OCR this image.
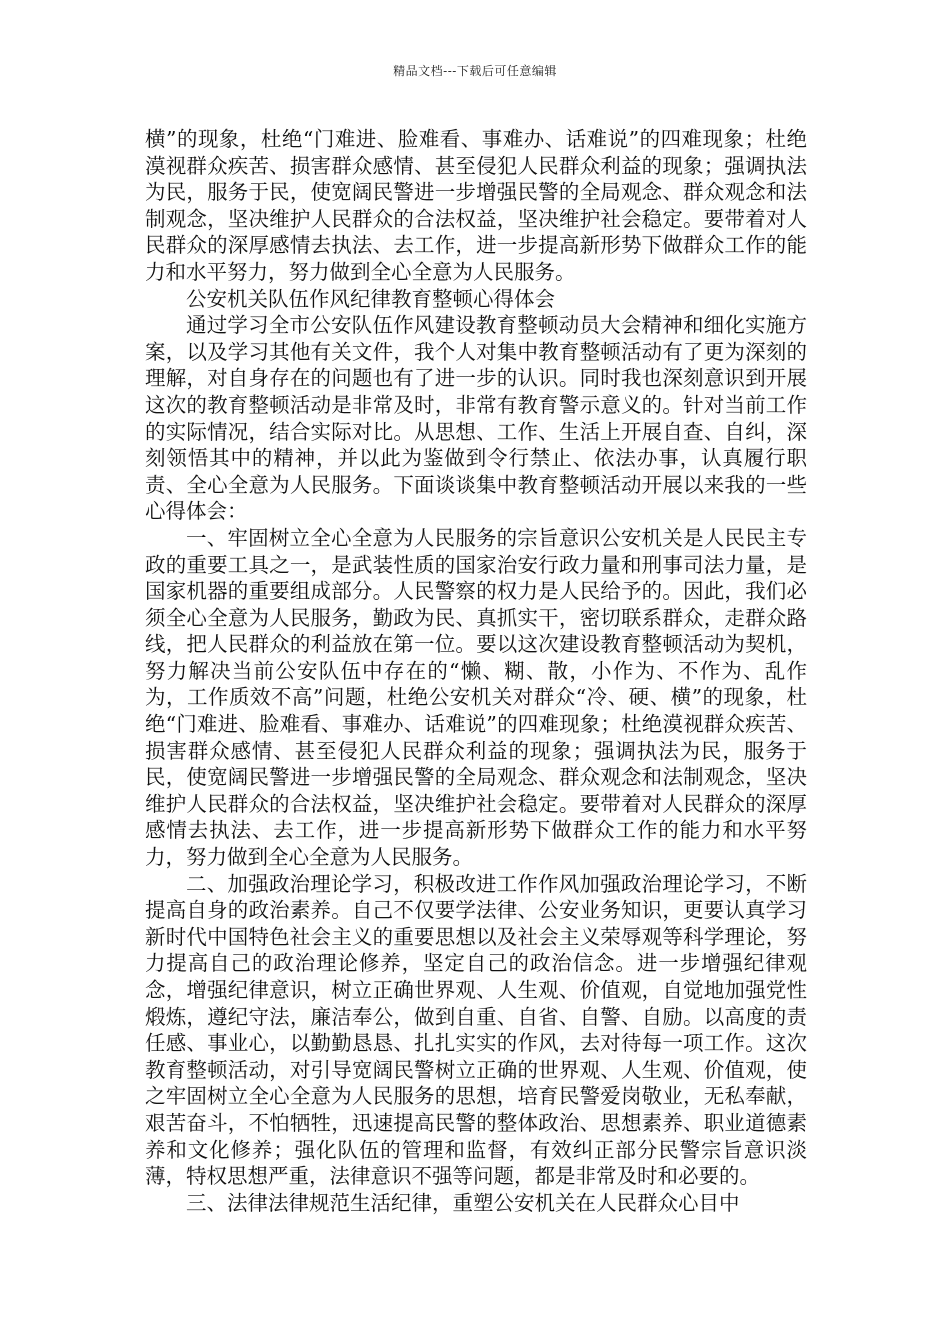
精品文档---下载后可任意编辑

横”的现象，杜绝“门难进、脸难看、事难办、话难说”的四难现象；杜绝漠视群众疾苦、损害群众感情、甚至侵犯人民群众利益的现象；强调执法为民，服务于民，使宽阔民警进一步增强民警的全局观念、群众观念和法制观念，坚决维护人民群众的合法权益，坚决维护社会稳定。要带着对人民群众的深厚感情去执法、去工作，进一步提高新形势下做群众工作的能力和水平努力，努力做到全心全意为人民服务。

公安机关队伍作风纪律教育整顿心得体会

通过学习全市公安队伍作风建设教育整顿动员大会精神和细化实施方案，以及学习其他有关文件，我个人对集中教育整顿活动有了更为深刻的理解，对自身存在的问题也有了进一步的认识。同时我也深刻意识到开展这次的教育整顿活动是非常及时，非常有教育警示意义的。针对当前工作的实际情况，结合实际对比。从思想、工作、生活上开展自查、自纠，深刻领悟其中的精神，并以此为鉴做到令行禁止、依法办事，认真履行职责、全心全意为人民服务。下面谈谈集中教育整顿活动开展以来我的一些心得体会：

一、牢固树立全心全意为人民服务的宗旨意识公安机关是人民民主专政的重要工具之一，是武装性质的国家治安行政力量和刑事司法力量，是国家机器的重要组成部分。人民警察的权力是人民给予的。因此，我们必须全心全意为人民服务，勤政为民、真抓实干，密切联系群众，走群众路线，把人民群众的利益放在第一位。要以这次建设教育整顿活动为契机，努力解决当前公安队伍中存在的“懒、糊、散，小作为、不作为、乱作为，工作质效不高”问题，杜绝公安机关对群众“冷、硬、横”的现象，杜绝“门难进、脸难看、事难办、话难说”的四难现象；杜绝漠视群众疾苦、损害群众感情、甚至侵犯人民群众利益的现象；强调执法为民，服务于民，使宽阔民警进一步增强民警的全局观念、群众观念和法制观念，坚决维护人民群众的合法权益，坚决维护社会稳定。要带着对人民群众的深厚感情去执法、去工作，进一步提高新形势下做群众工作的能力和水平努力，努力做到全心全意为人民服务。

二、加强政治理论学习，积极改进工作作风加强政治理论学习，不断提高自身的政治素养。自己不仅要学法律、公安业务知识，更要认真学习新时代中国特色社会主义的重要思想以及社会主义荣辱观等科学理论，努力提高自己的政治理论修养，坚定自己的政治信念。进一步增强纪律观念，增强纪律意识，树立正确世界观、人生观、价值观，自觉地加强党性煅炼，遵纪守法，廉洁奉公，做到自重、自省、自警、自励。以高度的责任感、事业心，以勤勤恳恳、扎扎实实的作风，去对待每一项工作。这次教育整顿活动，对引导宽阔民警树立正确的世界观、人生观、价值观，使之牢固树立全心全意为人民服务的思想，培育民警爱岗敬业，无私奉献，艰苦奋斗，不怕牺牲，迅速提高民警的整体政治、思想素养、职业道德素养和文化修养；强化队伍的管理和监督，有效纠正部分民警宗旨意识淡薄，特权思想严重，法律意识不强等问题，都是非常及时和必要的。

三、法律法律规范生活纪律，重塑公安机关在人民群众心目中
